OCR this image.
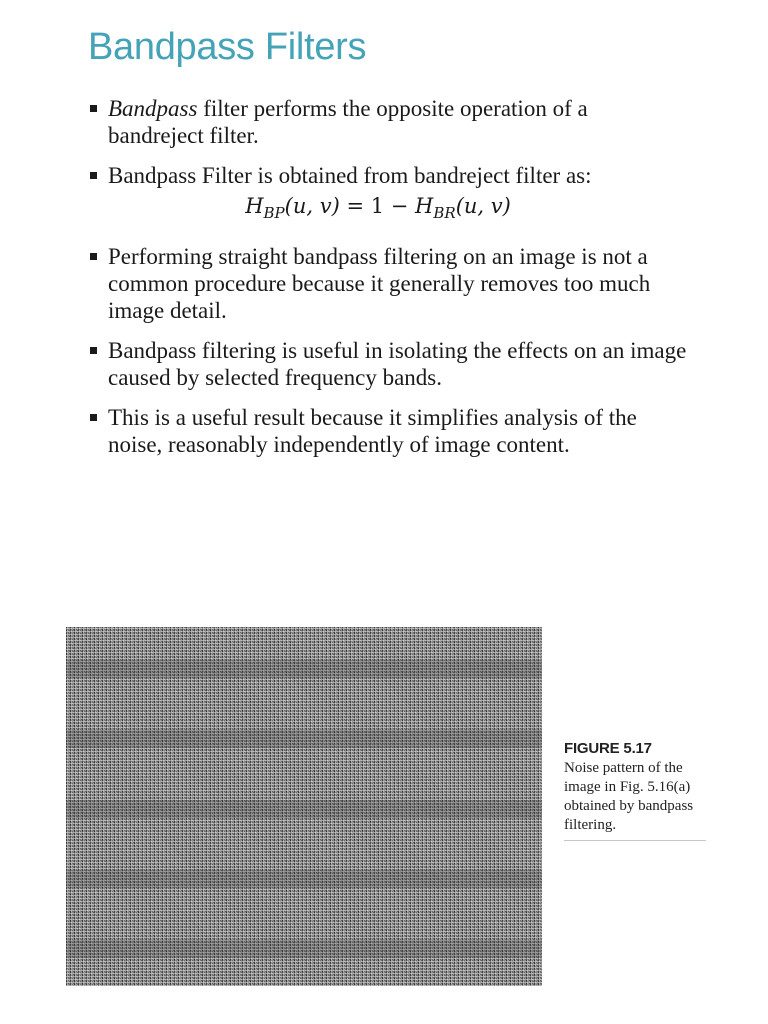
Bandpass Filters
Bandpass filter performs the opposite operation of a bandreject filter.
Bandpass Filter is obtained from bandreject filter as:
$H_{BP}(u$, $v) = 1 - H_{BR}(u$, v)
Performing straight bandpass filtering on an image is not a common procedure because it generally removes too much image detail.
Bandpass filtering is useful in isolating the effects on an image caused by selected frequency bands.
This is a useful result because it simplifies analysis of the noise, reasonably independently of image content.
FIGURE 5.17
Noise pattern of the image in Fig. 5.16(a) obtained by bandpass filtering.
